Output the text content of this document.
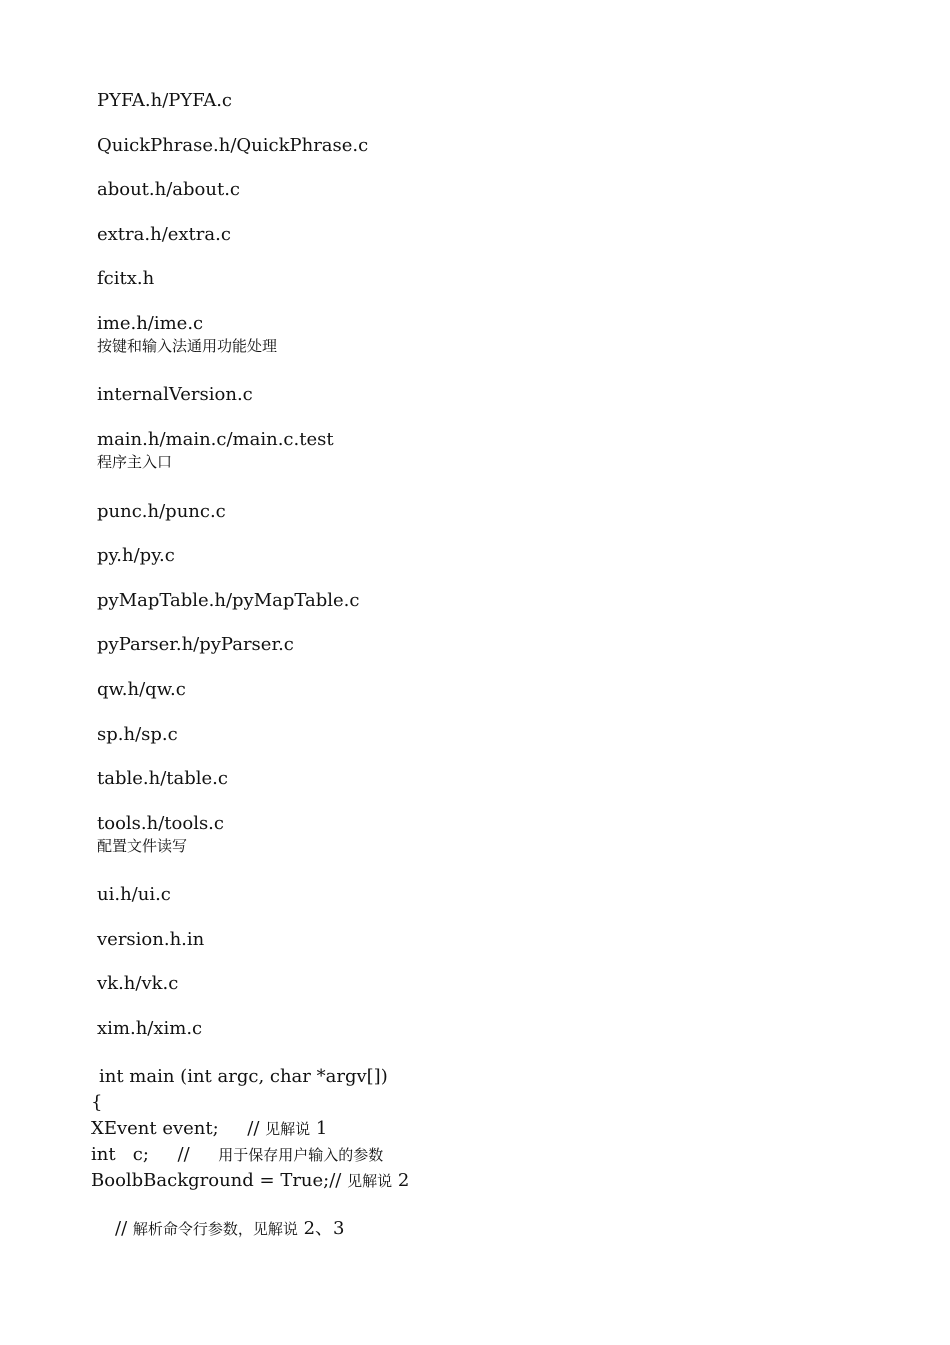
PYFA.h/PYFA.c
QuickPhrase.h/QuickPhrase.c
about.h/about.c
extra.h/extra.c
fcitx.h
ime.h/ime.c
按键和输入法通用功能处理
internalVersion.c
main.h/main.c/main.c.test
程序主入口
punc.h/punc.c
py.h/py.c
pyMapTable.h/pyMapTable.c
pyParser.h/pyParser.c
qw.h/qw.c
sp.h/sp.c
table.h/table.c
tools.h/tools.c
配置文件读写
ui.h/ui.c
version.h.in
vk.h/vk.c
xim.h/xim.c
int main (int argc, char *argv[])
{
XEvent event;     // 见解说 1
int   c;     //     用于保存用户输入的参数
BoolbBackground = True;// 见解说 2
// 解析命令行参数，见解说 2、3
